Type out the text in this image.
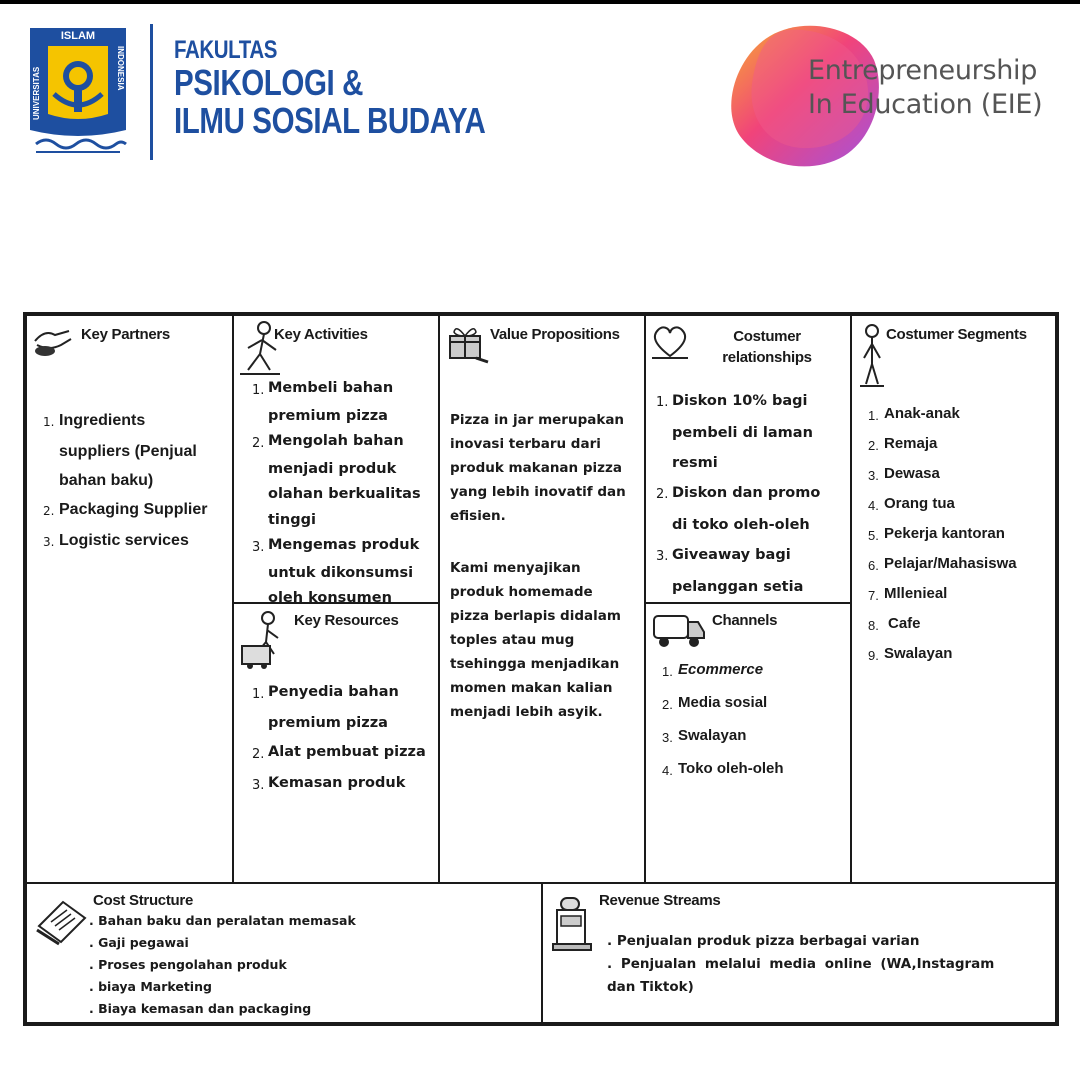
ISLAM
UNIVERSITAS	INDONESIA FAKULTAS
PSIKOLOGI &
ILMU SOSIAL BUDAYA
Entrepreneurship
In Education (EIE)
Key Partners
1. Ingredients
suppliers (Penjual
bahan baku)
2. Packaging Supplier
3. Logistic services
Key Activities
1. Membeli bahan
premium pizza
2. Mengolah bahan
menjadi produk
olahan berkualitas
tinggi
3. Mengemas produk
untuk dikonsumsi
oleh konsumen
Key Resources
1. Penyedia bahan
premium pizza
2. Alat pembuat pizza
3. Kemasan produk
Value Propositions
Pizza in jar merupakan
inovasi terbaru dari
produk makanan pizza
yang lebih inovatif dan
efisien.
Kami menyajikan
produk homemade
pizza berlapis didalam
toples atau mug
tsehingga menjadikan
momen makan kalian
menjadi lebih asyik.
Costumer
relationships
1. Diskon 10% bagi
pembeli di laman
resmi
2. Diskon dan promo
di toko oleh-oleh
3. Giveaway bagi
pelanggan setia
Channels
1. Ecommerce
2. Media sosial
3. Swalayan
4. Toko oleh-oleh
Costumer Segments
1. Anak-anak
2. Remaja
3. Dewasa
4. Orang tua
5. Pekerja kantoran
6. Pelajar/Mahasiswa
7. Mllenieal
8. Cafe
9. Swalayan
Cost Structure
. Bahan baku dan peralatan memasak
. Gaji pegawai
. Proses pengolahan produk
. biaya Marketing
. Biaya kemasan dan packaging
Revenue Streams
. Penjualan produk pizza berbagai varian
. Penjualan melalui media online (WA,Instagram
dan Tiktok)
